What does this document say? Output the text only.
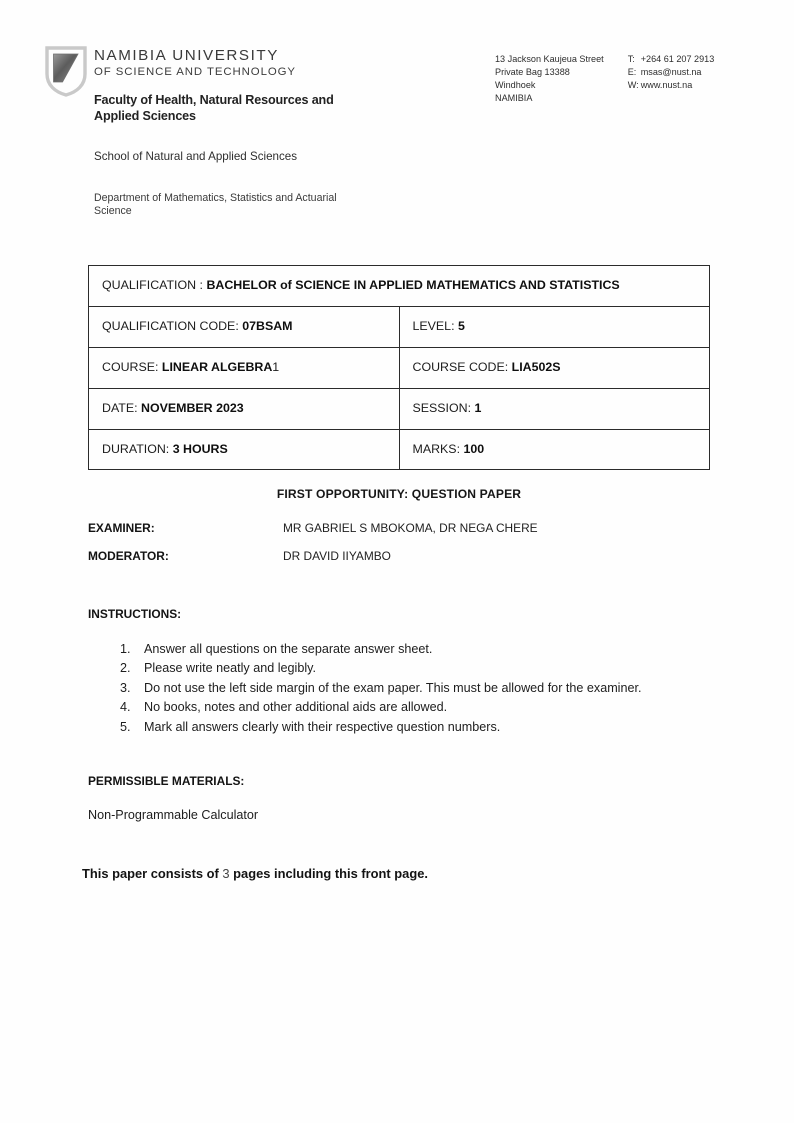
NAMIBIA UNIVERSITY
OF SCIENCE AND TECHNOLOGY
Faculty of Health, Natural Resources and Applied Sciences
School of Natural and Applied Sciences
Department of Mathematics, Statistics and Actuarial Science
13 Jackson Kaujeua Street
Private Bag 13388
Windhoek
NAMIBIA
T: +264 61 207 2913
E: msas@nust.na
W: www.nust.na
QUALIFICATION : BACHELOR of SCIENCE IN APPLIED MATHEMATICS AND STATISTICS	
QUALIFICATION CODE: 07BSAM	LEVEL: 5
COURSE: LINEAR ALGEBRA1	COURSE CODE: LIA502S
DATE: NOVEMBER 2023	SESSION: 1
DURATION: 3 HOURS	MARKS: 100
FIRST OPPORTUNITY: QUESTION PAPER
EXAMINER:	MR GABRIEL S MBOKOMA, DR NEGA CHERE
MODERATOR:	DR DAVID IIYAMBO
INSTRUCTIONS:
Answer all questions on the separate answer sheet.
Please write neatly and legibly.
Do not use the left side margin of the exam paper. This must be allowed for the examiner.
No books, notes and other additional aids are allowed.
Mark all answers clearly with their respective question numbers.
PERMISSIBLE MATERIALS:
Non-Programmable Calculator
This paper consists of 3 pages including this front page.
